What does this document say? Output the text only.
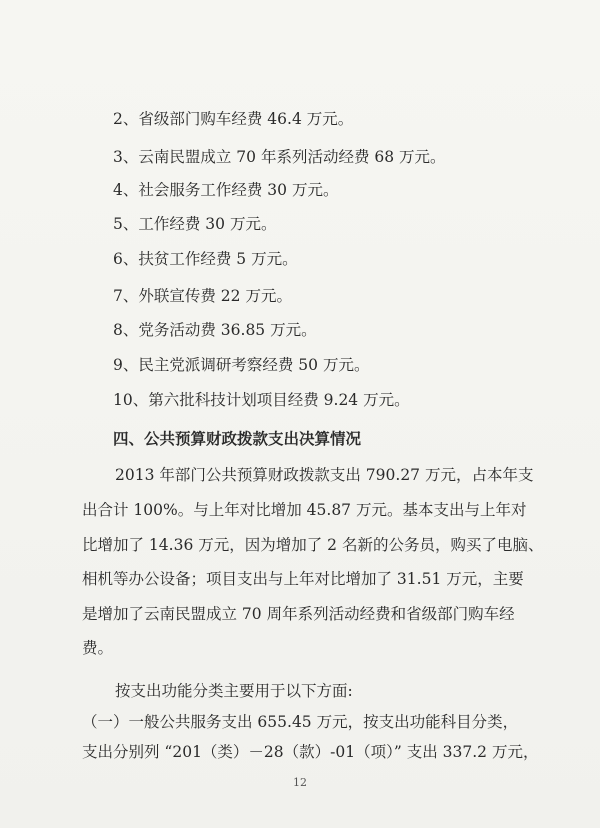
2、省级部门购车经费 46.4 万元。
3、云南民盟成立 70 年系列活动经费 68 万元。
4、社会服务工作经费 30 万元。
5、工作经费 30 万元。
6、扶贫工作经费 5 万元。
7、外联宣传费 22 万元。
8、党务活动费 36.85 万元。
9、民主党派调研考察经费 50 万元。
10、第六批科技计划项目经费 9.24 万元。
四、公共预算财政拨款支出决算情况
2013 年部门公共预算财政拨款支出 790.27 万元，占本年支
出合计 100%。与上年对比增加 45.87 万元。基本支出与上年对
比增加了 14.36 万元，因为增加了 2 名新的公务员，购买了电脑、
相机等办公设备；项目支出与上年对比增加了 31.51 万元，主要
是增加了云南民盟成立 70 周年系列活动经费和省级部门购车经
费。
按支出功能分类主要用于以下方面:
（一）一般公共服务支出 655.45 万元，按支出功能科目分类，
支出分别列 “201（类）－28（款）-01（项）” 支出 337.2 万元，
12
